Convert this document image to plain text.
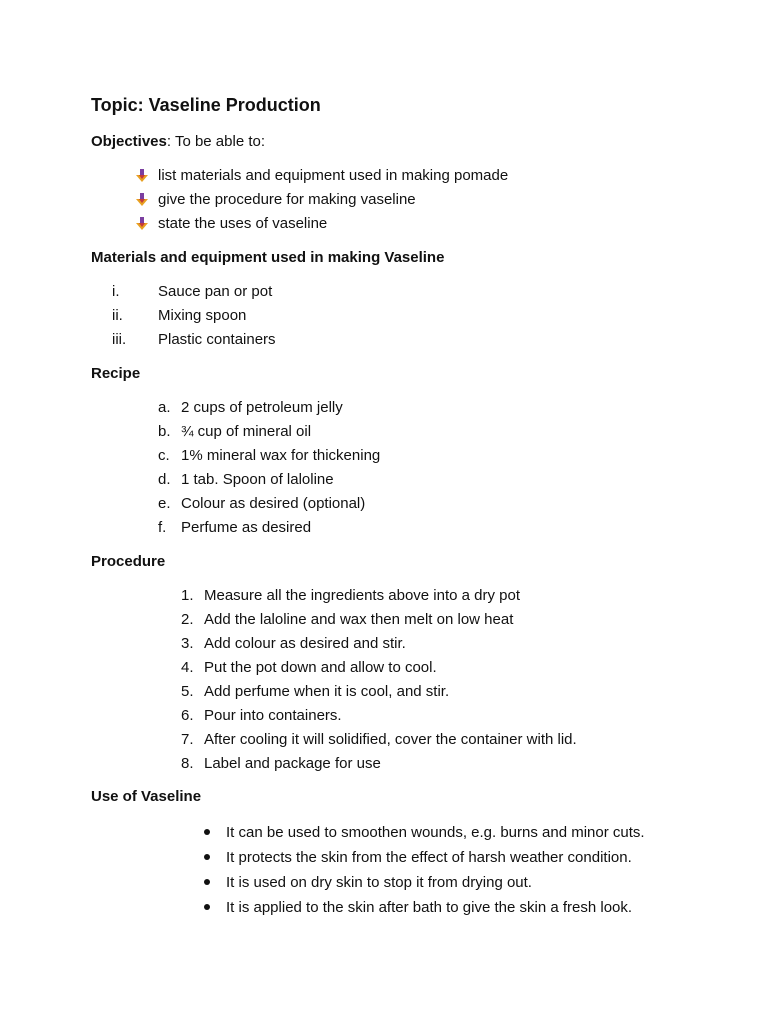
Topic: Vaseline Production

Objectives: To be able to:

list materials and equipment used in making pomade
give the procedure for making vaseline
state the uses of vaseline

Materials and equipment used in making Vaseline

i.	Sauce pan or pot
ii. Mixing spoon
iii. Plastic containers

Recipe

a. 2 cups of petroleum jelly
b. ¾ cup of mineral oil
c. 1% mineral wax for thickening
d. 1 tab. Spoon of laloline
e. Colour as desired (optional)
f. Perfume as desired

Procedure

1. Measure all the ingredients above into a dry pot
2. Add the laloline and wax then melt on low heat
3. Add colour as desired and stir.
4. Put the pot down and allow to cool.
5. Add perfume when it is cool, and stir.
6. Pour into containers.
7. After cooling it will solidified, cover the container with lid.
8. Label and package for use

Use of Vaseline

It can be used to smoothen wounds, e.g. burns and minor cuts.
It protects the skin from the effect of harsh weather condition.
It is used on dry skin to stop it from drying out.
It is applied to the skin after bath to give the skin a fresh look.
